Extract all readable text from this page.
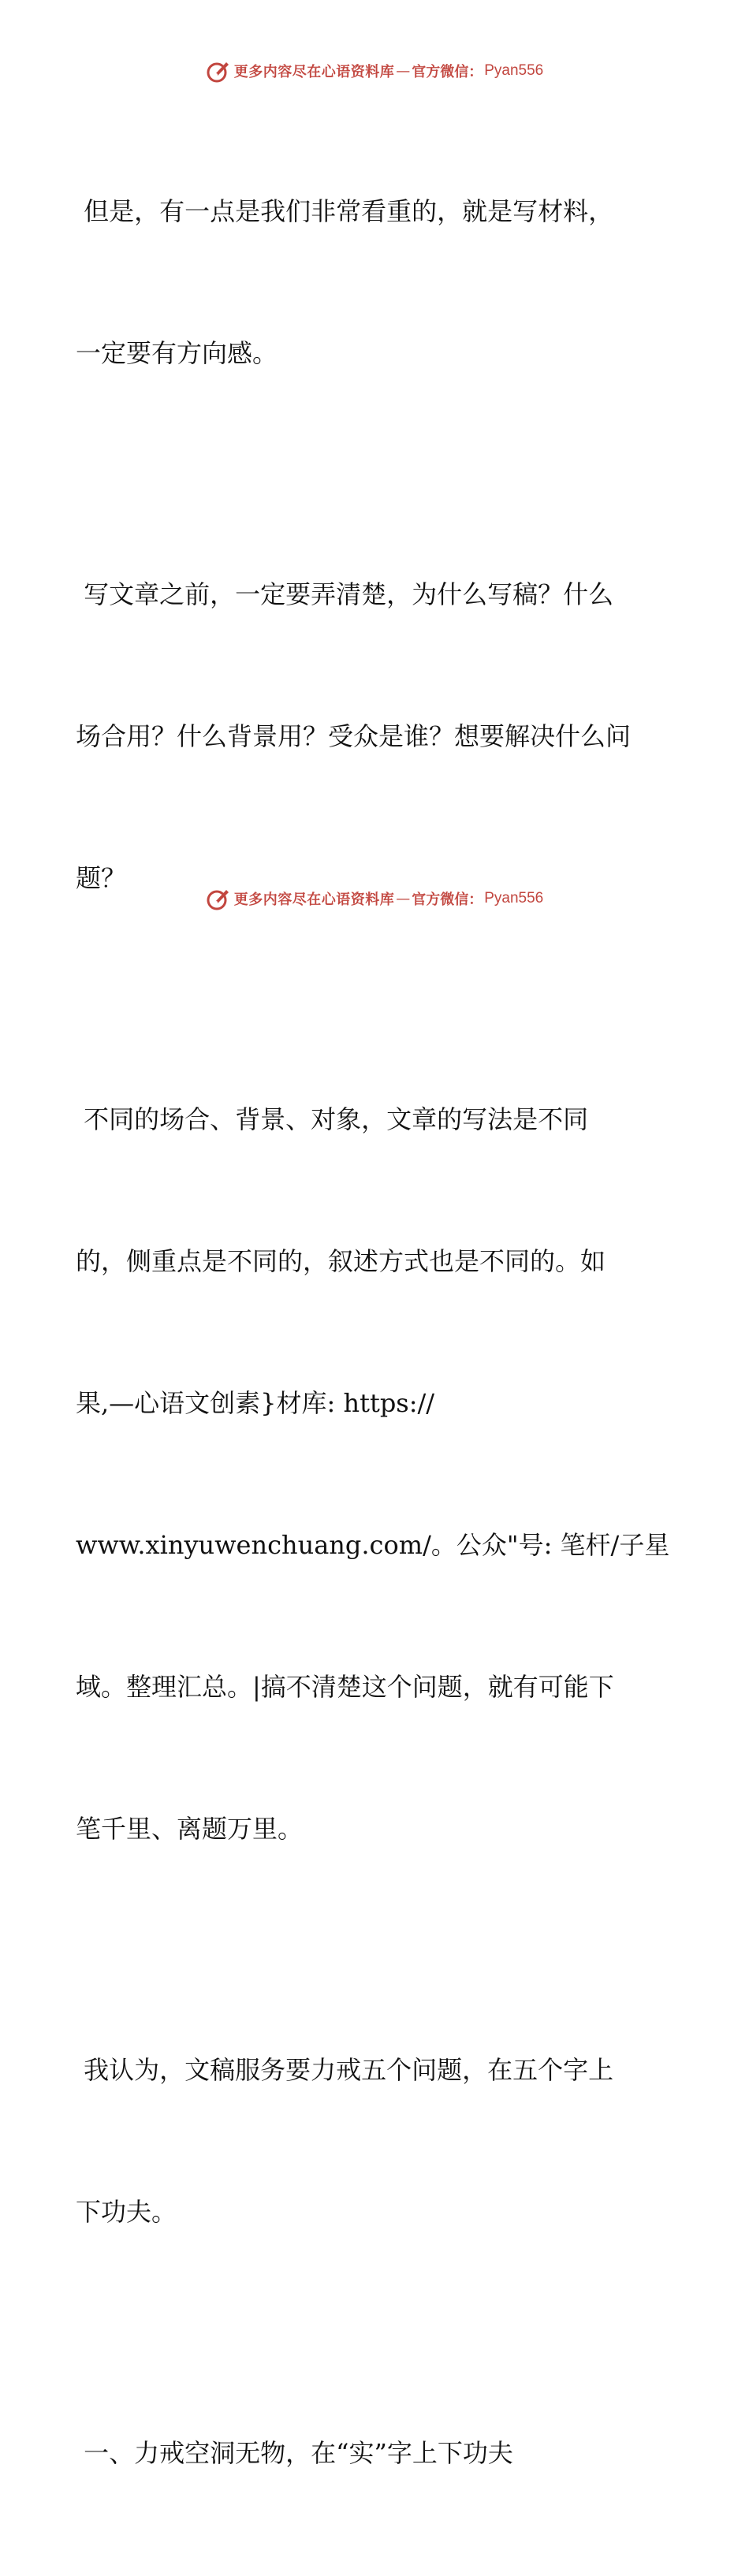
更多内容尽在心语资料库 — 官方微信： Pyan556

但是，有一点是我们非常看重的，就是写材料，

一定要有方向感。

写文章之前，一定要弄清楚，为什么写稿？什么

场合用？什么背景用？受众是谁？想要解决什么问

题？

不同的场合、背景、对象，文章的写法是不同

的，侧重点是不同的，叙述方式也是不同的。如

果,—心语文创素}材库: https://

www.xinyuwenchuang.com/。公众"号: 笔杆/子星

域。整理汇总。|搞不清楚这个问题，就有可能下

笔千里、离题万里。

我认为，文稿服务要力戒五个问题，在五个字上

下功夫。

一、力戒空洞无物，在“实”字上下功夫

更多内容尽在心语资料库 — 官方微信： Pyan556
